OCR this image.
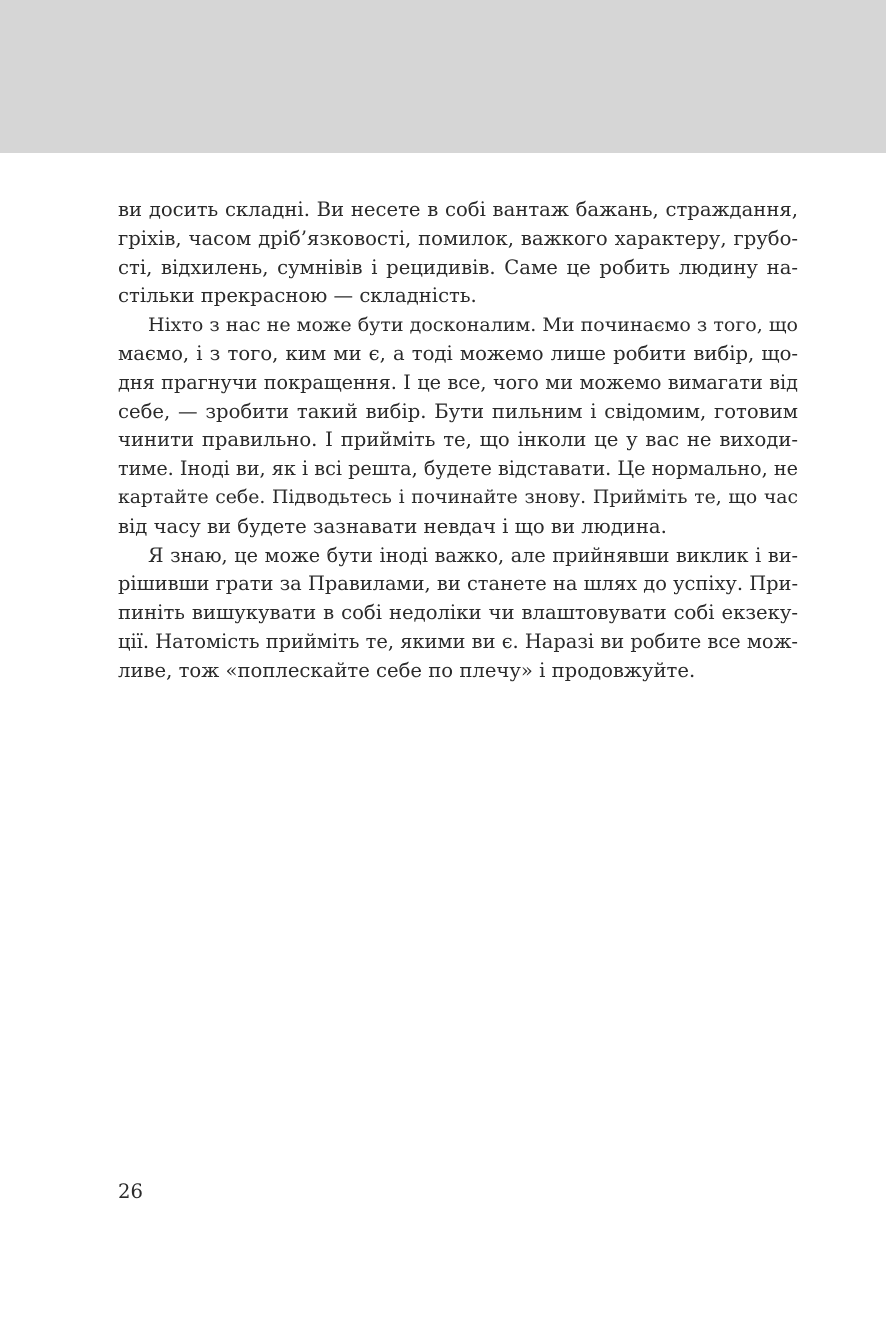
ви досить складні. Ви несете в собі вантаж бажань, страждання,
гріхів, часом дріб’язковості, помилок, важкого характеру, грубо-
сті, відхилень, сумнівів і рецидивів. Саме це робить людину на-
стільки прекрасною — складність.
Ніхто з нас не може бути досконалим. Ми починаємо з того, що
маємо, і з того, ким ми є, а тоді можемо лише робити вибір, що-
дня прагнучи покращення. І це все, чого ми можемо вимагати від
себе, — зробити такий вибір. Бути пильним і свідомим, готовим
чинити правильно. І прийміть те, що інколи це у вас не виходи-
тиме. Іноді ви, як і всі решта, будете відставати. Це нормально, не
картайте себе. Підводьтесь і починайте знову. Прийміть те, що час
від часу ви будете зазнавати невдач і що ви людина.
Я знаю, це може бути іноді важко, але прийнявши виклик і ви-
рішивши грати за Правилами, ви станете на шлях до успіху. При-
пиніть вишукувати в собі недоліки чи влаштовувати собі екзеку-
ції. Натомість прийміть те, якими ви є. Наразі ви робите все мож-
ливе, тож «поплескайте себе по плечу» і продовжуйте.
26
